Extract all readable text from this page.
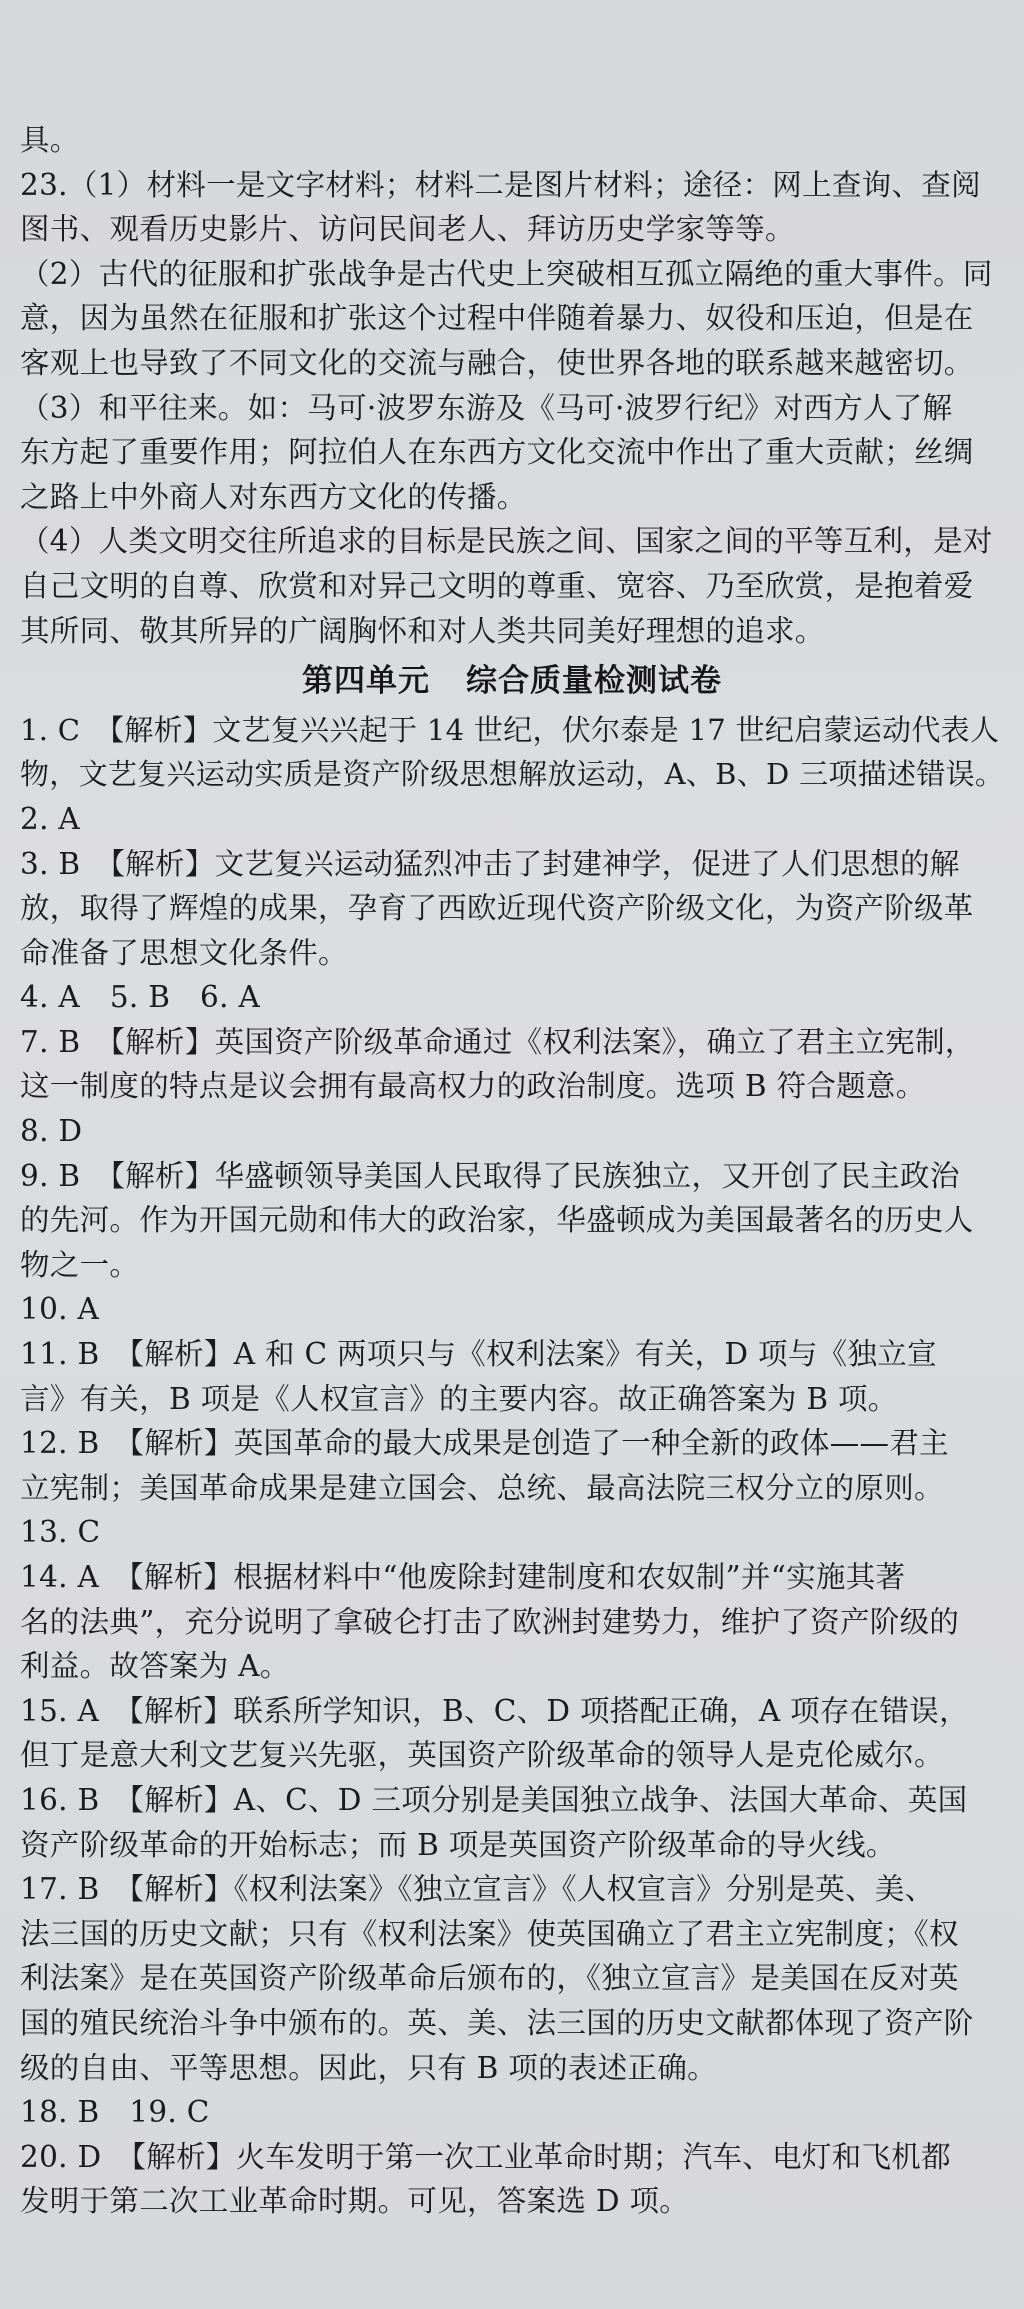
具。
23.（1）材料一是文字材料；材料二是图片材料；途径：网上查询、查阅
图书、观看历史影片、访问民间老人、拜访历史学家等等。
（2）古代的征服和扩张战争是古代史上突破相互孤立隔绝的重大事件。同
意，因为虽然在征服和扩张这个过程中伴随着暴力、奴役和压迫，但是在
客观上也导致了不同文化的交流与融合，使世界各地的联系越来越密切。
（3）和平往来。如：马可·波罗东游及《马可·波罗行纪》对西方人了解
东方起了重要作用；阿拉伯人在东西方文化交流中作出了重大贡献；丝绸
之路上中外商人对东西方文化的传播。
（4）人类文明交往所追求的目标是民族之间、国家之间的平等互利，是对
自己文明的自尊、欣赏和对异己文明的尊重、宽容、乃至欣赏，是抱着爱
其所同、敬其所异的广阔胸怀和对人类共同美好理想的追求。
第四单元 综合质量检测试卷
1. C　【解析】文艺复兴兴起于 14 世纪，伏尔泰是 17 世纪启蒙运动代表人
物，文艺复兴运动实质是资产阶级思想解放运动，A、B、D 三项描述错误。
2. A
3. B　【解析】文艺复兴运动猛烈冲击了封建神学，促进了人们思想的解
放，取得了辉煌的成果，孕育了西欧近现代资产阶级文化，为资产阶级革
命准备了思想文化条件。
4. A　5. B　6. A
7. B　【解析】英国资产阶级革命通过《权利法案》，确立了君主立宪制，
这一制度的特点是议会拥有最高权力的政治制度。选项 B 符合题意。
8. D
9. B　【解析】华盛顿领导美国人民取得了民族独立，又开创了民主政治
的先河。作为开国元勋和伟大的政治家，华盛顿成为美国最著名的历史人
物之一。
10. A
11. B　【解析】A 和 C 两项只与《权利法案》有关，D 项与《独立宣
言》有关，B 项是《人权宣言》的主要内容。故正确答案为 B 项。
12. B　【解析】英国革命的最大成果是创造了一种全新的政体——君主
立宪制；美国革命成果是建立国会、总统、最高法院三权分立的原则。
13. C
14. A　【解析】根据材料中“他废除封建制度和农奴制”并“实施其著
名的法典”，充分说明了拿破仑打击了欧洲封建势力，维护了资产阶级的
利益。故答案为 A。
15. A　【解析】联系所学知识，B、C、D 项搭配正确，A 项存在错误，
但丁是意大利文艺复兴先驱，英国资产阶级革命的领导人是克伦威尔。
16. B　【解析】A、C、D 三项分别是美国独立战争、法国大革命、英国
资产阶级革命的开始标志；而 B 项是英国资产阶级革命的导火线。
17. B　【解析】《权利法案》《独立宣言》《人权宣言》分别是英、美、
法三国的历史文献；只有《权利法案》使英国确立了君主立宪制度；《权
利法案》是在英国资产阶级革命后颁布的，《独立宣言》是美国在反对英
国的殖民统治斗争中颁布的。英、美、法三国的历史文献都体现了资产阶
级的自由、平等思想。因此，只有 B 项的表述正确。
18. B　19. C
20. D　【解析】火车发明于第一次工业革命时期；汽车、电灯和飞机都
发明于第二次工业革命时期。可见，答案选 D 项。
